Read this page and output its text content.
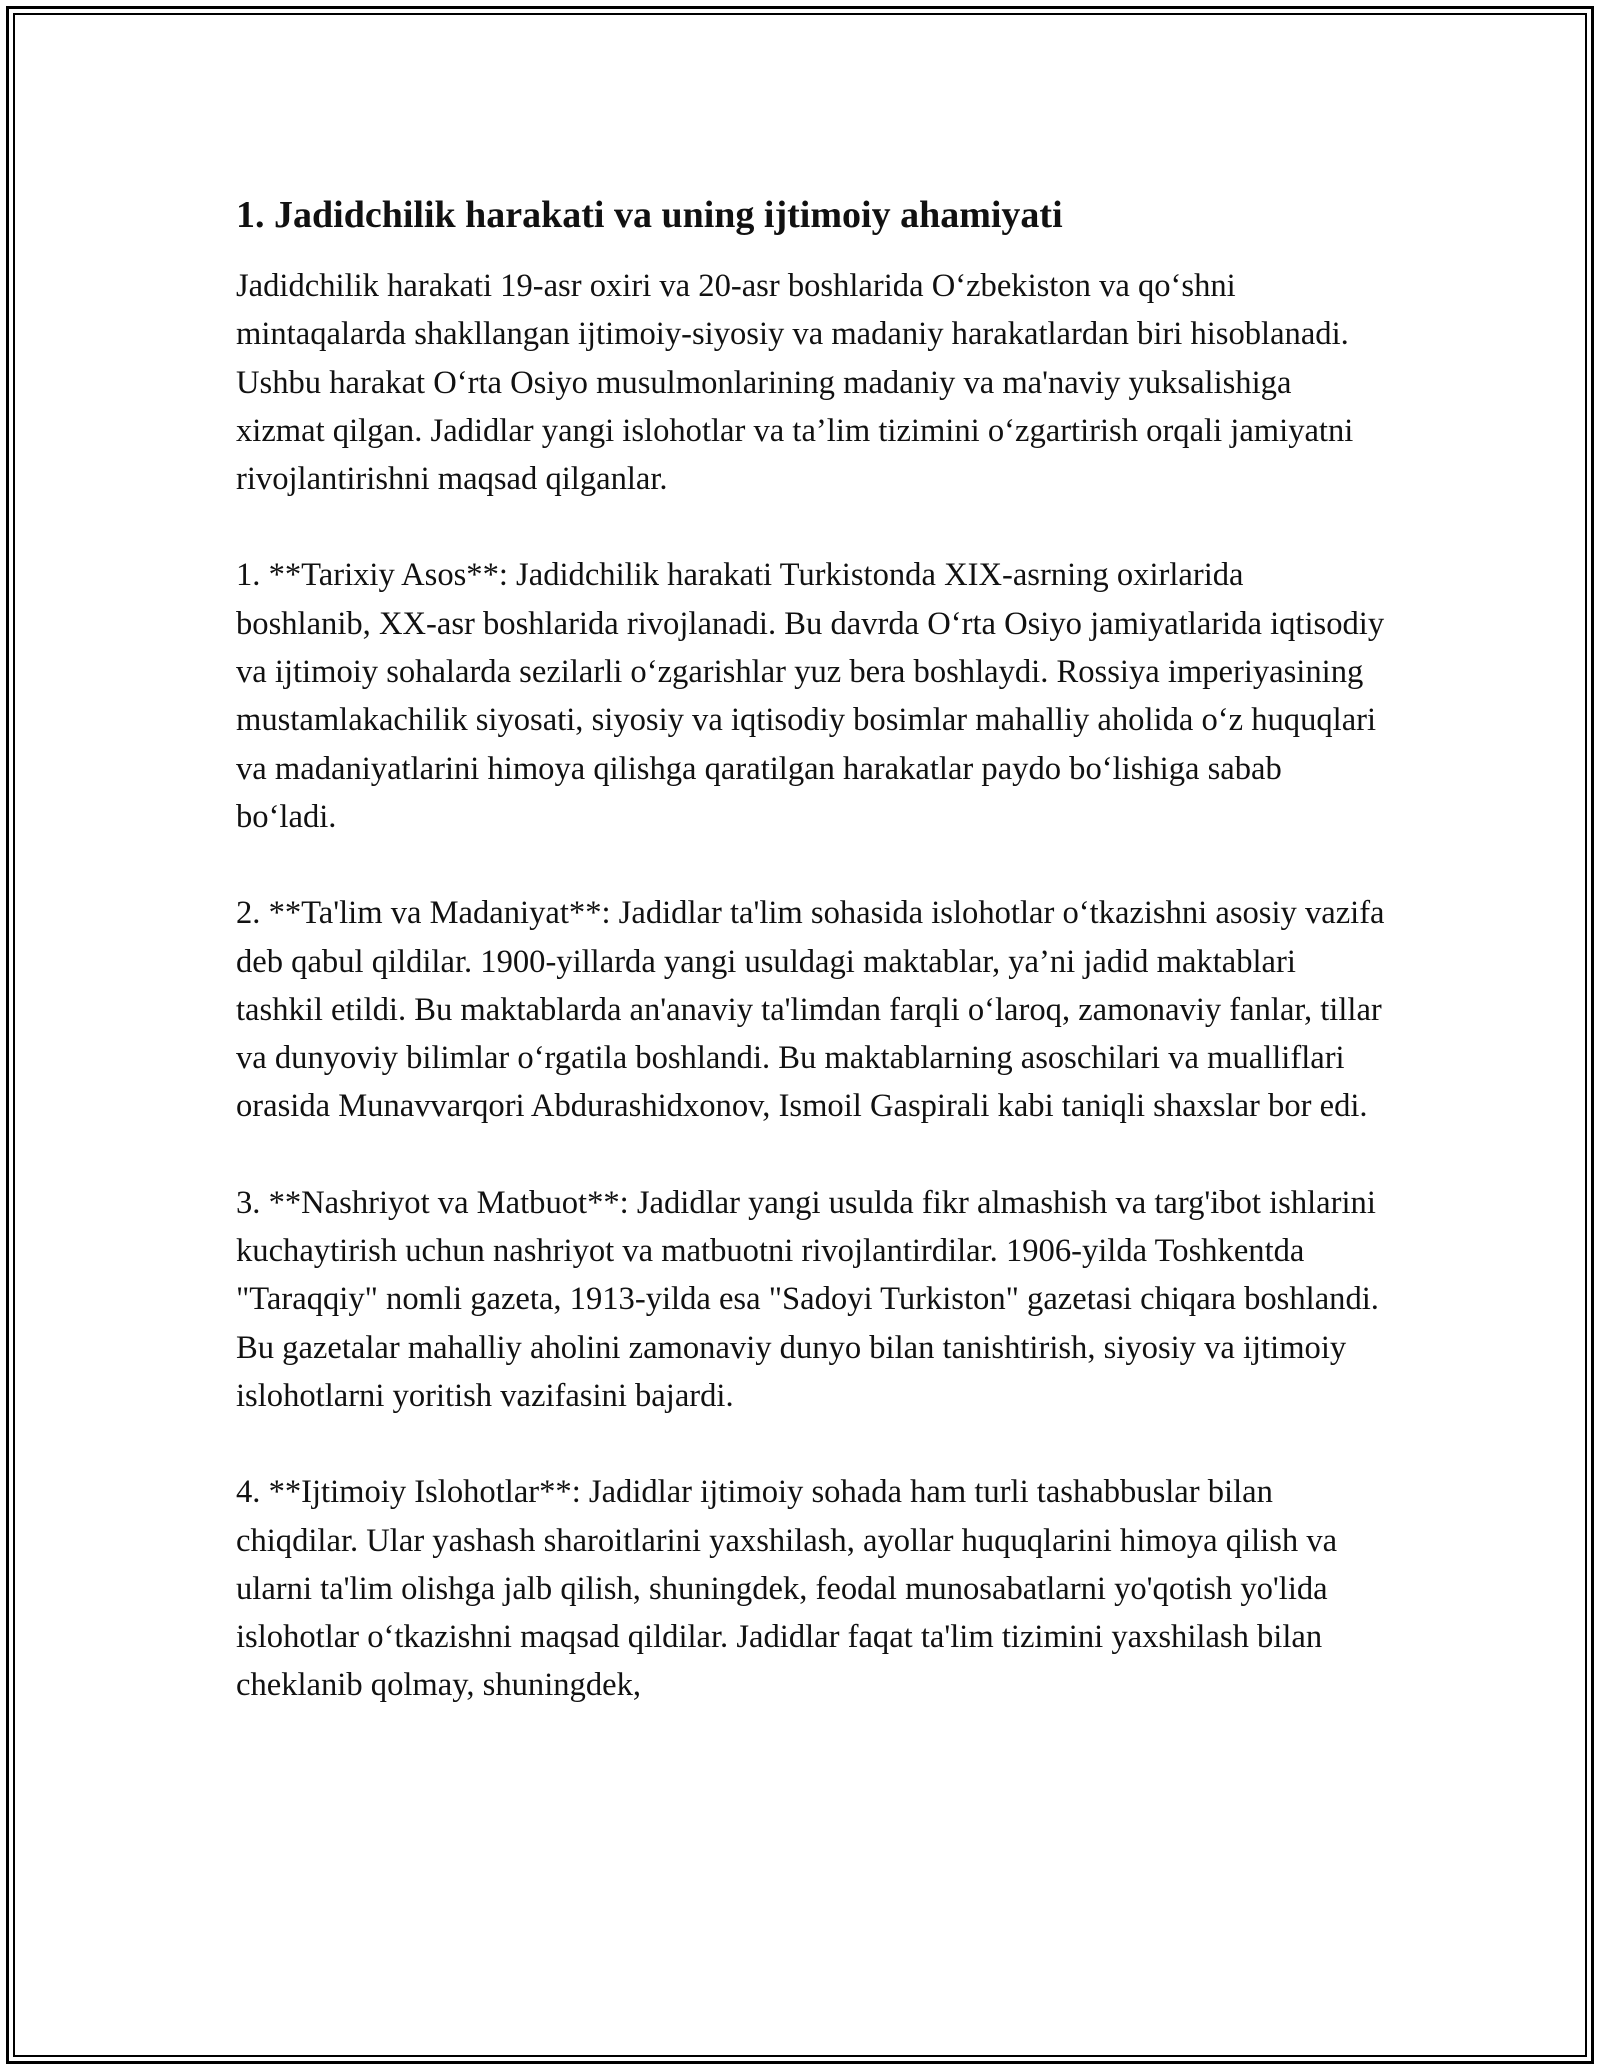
1. Jadidchilik harakati va uning ijtimoiy ahamiyati

Jadidchilik harakati 19-asr oxiri va 20-asr boshlarida O‘zbekiston va qo‘shni mintaqalarda shakllangan ijtimoiy-siyosiy va madaniy harakatlardan biri hisoblanadi. Ushbu harakat O‘rta Osiyo musulmonlarining madaniy va ma'naviy yuksalishiga xizmat qilgan. Jadidlar yangi islohotlar va ta’lim tizimini o‘zgartirish orqali jamiyatni rivojlantirishni maqsad qilganlar.

1. **Tarixiy Asos**: Jadidchilik harakati Turkistonda XIX-asrning oxirlarida boshlanib, XX-asr boshlarida rivojlanadi. Bu davrda O‘rta Osiyo jamiyatlarida iqtisodiy va ijtimoiy sohalarda sezilarli o‘zgarishlar yuz bera boshlaydi. Rossiya imperiyasining mustamlakachilik siyosati, siyosiy va iqtisodiy bosimlar mahalliy aholida o‘z huquqlari va madaniyatlarini himoya qilishga qaratilgan harakatlar paydo bo‘lishiga sabab bo‘ladi.

2. **Ta'lim va Madaniyat**: Jadidlar ta'lim sohasida islohotlar o‘tkazishni asosiy vazifa deb qabul qildilar. 1900-yillarda yangi usuldagi maktablar, ya’ni jadid maktablari tashkil etildi. Bu maktablarda an'anaviy ta'limdan farqli o‘laroq, zamonaviy fanlar, tillar va dunyoviy bilimlar o‘rgatila boshlandi. Bu maktablarning asoschilari va mualliflari orasida Munavvarqori Abdurashidxonov, Ismoil Gaspirali kabi taniqli shaxslar bor edi.

3. **Nashriyot va Matbuot**: Jadidlar yangi usulda fikr almashish va targ'ibot ishlarini kuchaytirish uchun nashriyot va matbuotni rivojlantirdilar. 1906-yilda Toshkentda "Taraqqiy" nomli gazeta, 1913-yilda esa "Sadoyi Turkiston" gazetasi chiqara boshlandi. Bu gazetalar mahalliy aholini zamonaviy dunyo bilan tanishtirish, siyosiy va ijtimoiy islohotlarni yoritish vazifasini bajardi.

4. **Ijtimoiy Islohotlar**: Jadidlar ijtimoiy sohada ham turli tashabbuslar bilan chiqdilar. Ular yashash sharoitlarini yaxshilash, ayollar huquqlarini himoya qilish va ularni ta'lim olishga jalb qilish, shuningdek, feodal munosabatlarni yo'qotish yo'lida islohotlar o‘tkazishni maqsad qildilar. Jadidlar faqat ta'lim tizimini yaxshilash bilan cheklanib qolmay, shuningdek,
